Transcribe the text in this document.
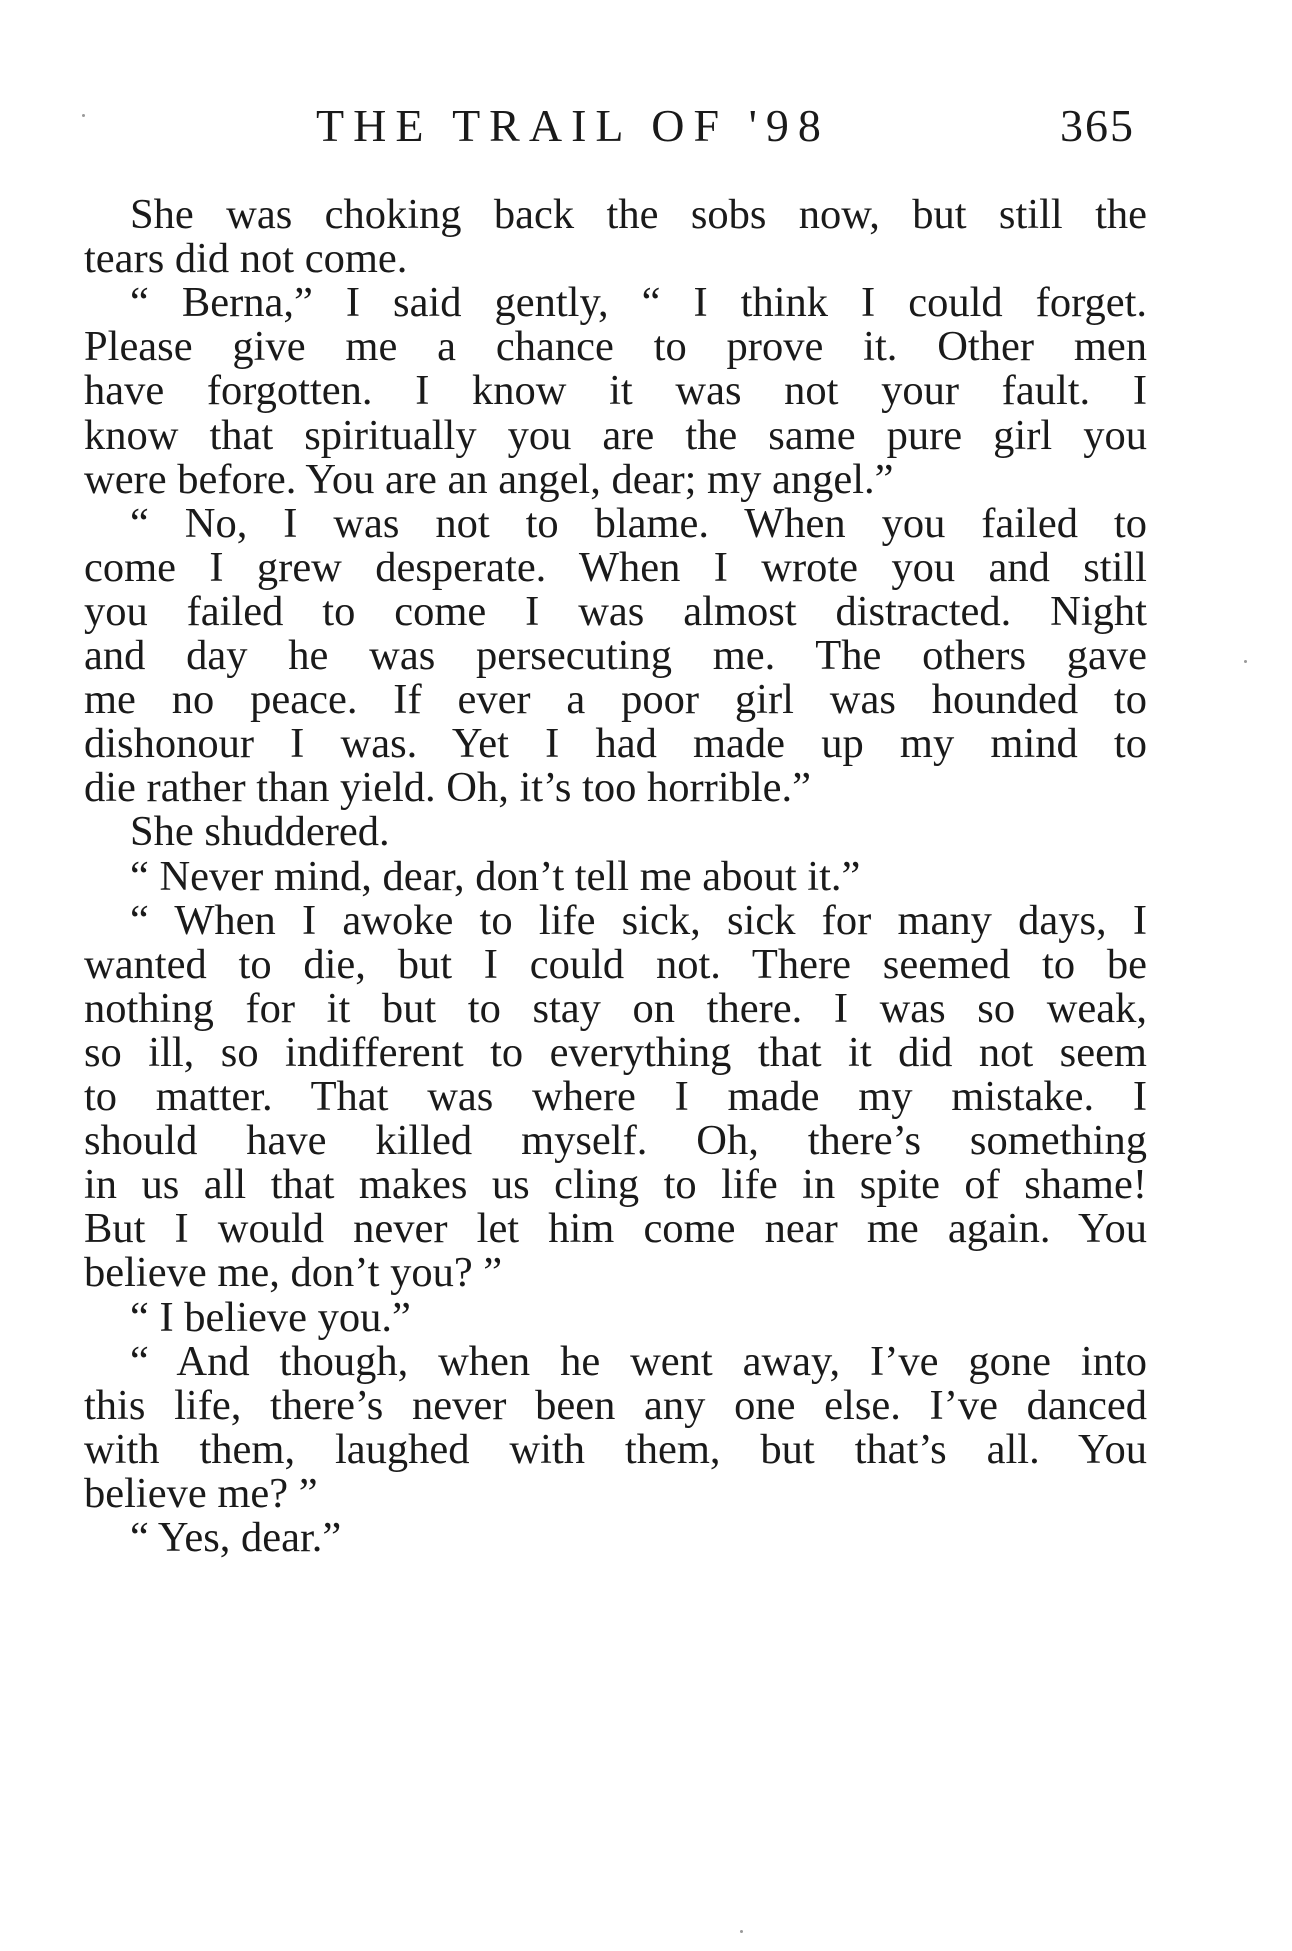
THE TRAIL OF '98	365
She was choking back the sobs now, but still the
tears did not come.
“ Berna,” I said gently, “ I think I could forget.
Please give me a chance to prove it. Other men
have forgotten. I know it was not your fault. I
know that spiritually you are the same pure girl you
were before. You are an angel, dear; my angel.”
“ No, I was not to blame. When you failed to
come I grew desperate. When I wrote you and still
you failed to come I was almost distracted. Night
and day he was persecuting me. The others gave
me no peace. If ever a poor girl was hounded to
dishonour I was. Yet I had made up my mind to
die rather than yield. Oh, it’s too horrible.”
She shuddered.
“ Never mind, dear, don’t tell me about it.”
“ When I awoke to life sick, sick for many days, I
wanted to die, but I could not. There seemed to be
nothing for it but to stay on there. I was so weak,
so ill, so indifferent to everything that it did not seem
to matter. That was where I made my mistake. I
should have killed myself. Oh, there’s something
in us all that makes us cling to life in spite of shame!
But I would never let him come near me again. You
believe me, don’t you? ”
“ I believe you.”
“ And though, when he went away, I’ve gone into
this life, there’s never been any one else. I’ve danced
with them, laughed with them, but that’s all. You
believe me? ”
“ Yes, dear.”
